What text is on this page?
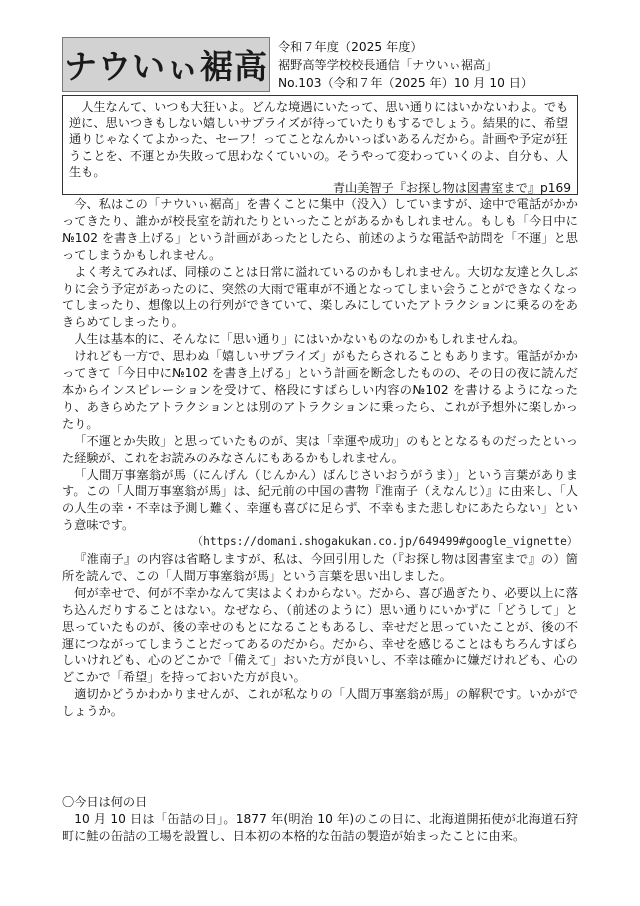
ナウいぃ裾高 令和７年度（2025 年度）
裾野高等学校校長通信「ナウいぃ裾高」
No.103（令和７年（2025 年）10 月 10 日）

人生なんて、いつも大狂いよ。どんな境遇にいたって、思い通りにはいかないわよ。でも逆に、思いつきもしない嬉しいサプライズが待っていたりもするでしょう。結果的に、希望通りじゃなくてよかった、セーフ！ってことなんかいっぱいあるんだから。計画や予定が狂うことを、不運とか失敗って思わなくていいの。そうやって変わっていくのよ、自分も、人生も。

青山美智子『お探し物は図書室まで』p169

今、私はこの「ナウいぃ裾高」を書くことに集中（没入）していますが、途中で電話がかかってきたり、誰かが校長室を訪れたりといったことがあるかもしれません。もしも「今日中に№102 を書き上げる」という計画があったとしたら、前述のような電話や訪問を「不運」と思ってしまうかもしれません。

よく考えてみれば、同様のことは日常に溢れているのかもしれません。大切な友達と久しぶりに会う予定があったのに、突然の大雨で電車が不通となってしまい会うことができなくなってしまったり、想像以上の行列ができていて、楽しみにしていたアトラクションに乗るのをあきらめてしまったり。

人生は基本的に、そんなに「思い通り」にはいかないものなのかもしれませんね。

けれども一方で、思わぬ「嬉しいサプライズ」がもたらされることもあります。電話がかかってきて「今日中に№102 を書き上げる」という計画を断念したものの、その日の夜に読んだ本からインスピレーションを受けて、格段にすばらしい内容の№102 を書けるようになったり、あきらめたアトラクションとは別のアトラクションに乗ったら、これが予想外に楽しかったり。

「不運とか失敗」と思っていたものが、実は「幸運や成功」のもととなるものだったといった経験が、これをお読みのみなさんにもあるかもしれません。

「人間万事塞翁が馬（にんげん（じんかん）ばんじさいおうがうま）」という言葉があります。この「人間万事塞翁が馬」は、紀元前の中国の書物『淮南子（えなんじ）』に由来し、「人の人生の幸・不幸は予測し難く、幸運も喜びに足らず、不幸もまた悲しむにあたらない」という意味です。

（https://domani.shogakukan.co.jp/649499#google_vignette）

『淮南子』の内容は省略しますが、私は、今回引用した（『お探し物は図書室まで』の）箇所を読んで、この「人間万事塞翁が馬」という言葉を思い出しました。

何が幸せで、何が不幸かなんて実はよくわからない。だから、喜び過ぎたり、必要以上に落ち込んだりすることはない。なぜなら、（前述のように）思い通りにいかずに「どうして」と思っていたものが、後の幸せのもとになることもあるし、幸せだと思っていたことが、後の不運につながってしまうことだってあるのだから。だから、幸せを感じることはもちろんすばらしいけれども、心のどこかで「備えて」おいた方が良いし、不幸は確かに嫌だけれども、心のどこかで「希望」を持っておいた方が良い。

適切かどうかわかりませんが、これが私なりの「人間万事塞翁が馬」の解釈です。いかがでしょうか。

〇今日は何の日

10 月 10 日は「缶詰の日」。1877 年(明治 10 年)のこの日に、北海道開拓使が北海道石狩町に鮭の缶詰の工場を設置し、日本初の本格的な缶詰の製造が始まったことに由来。
